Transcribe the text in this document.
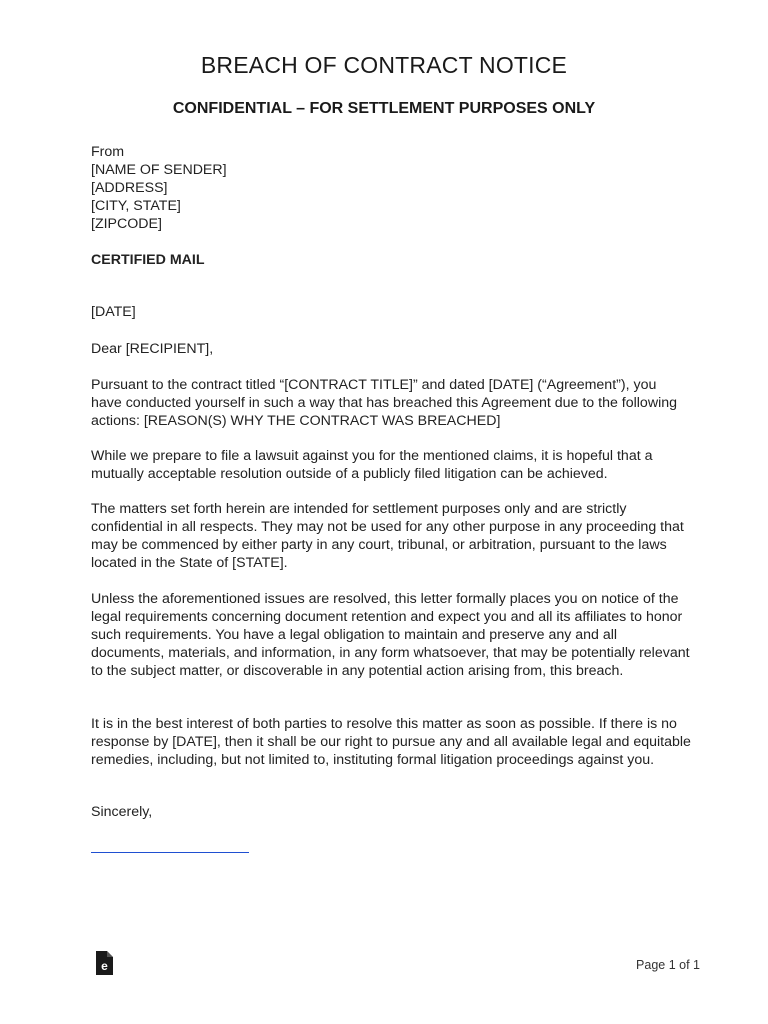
BREACH OF CONTRACT NOTICE
CONFIDENTIAL – FOR SETTLEMENT PURPOSES ONLY
From
[NAME OF SENDER]
[ADDRESS]
[CITY, STATE]
[ZIPCODE]
CERTIFIED MAIL
[DATE]
Dear [RECIPIENT],
Pursuant to the contract titled “[CONTRACT TITLE]” and dated [DATE] (“Agreement”), you have conducted yourself in such a way that has breached this Agreement due to the following actions: [REASON(S) WHY THE CONTRACT WAS BREACHED]
While we prepare to file a lawsuit against you for the mentioned claims, it is hopeful that a mutually acceptable resolution outside of a publicly filed litigation can be achieved.
The matters set forth herein are intended for settlement purposes only and are strictly confidential in all respects. They may not be used for any other purpose in any proceeding that may be commenced by either party in any court, tribunal, or arbitration, pursuant to the laws located in the State of [STATE].
Unless the aforementioned issues are resolved, this letter formally places you on notice of the legal requirements concerning document retention and expect you and all its affiliates to honor such requirements. You have a legal obligation to maintain and preserve any and all documents, materials, and information, in any form whatsoever, that may be potentially relevant to the subject matter, or discoverable in any potential action arising from, this breach.
It is in the best interest of both parties to resolve this matter as soon as possible. If there is no response by [DATE], then it shall be our right to pursue any and all available legal and equitable remedies, including, but not limited to, instituting formal litigation proceedings against you.
Sincerely,
e	Page 1 of 1
